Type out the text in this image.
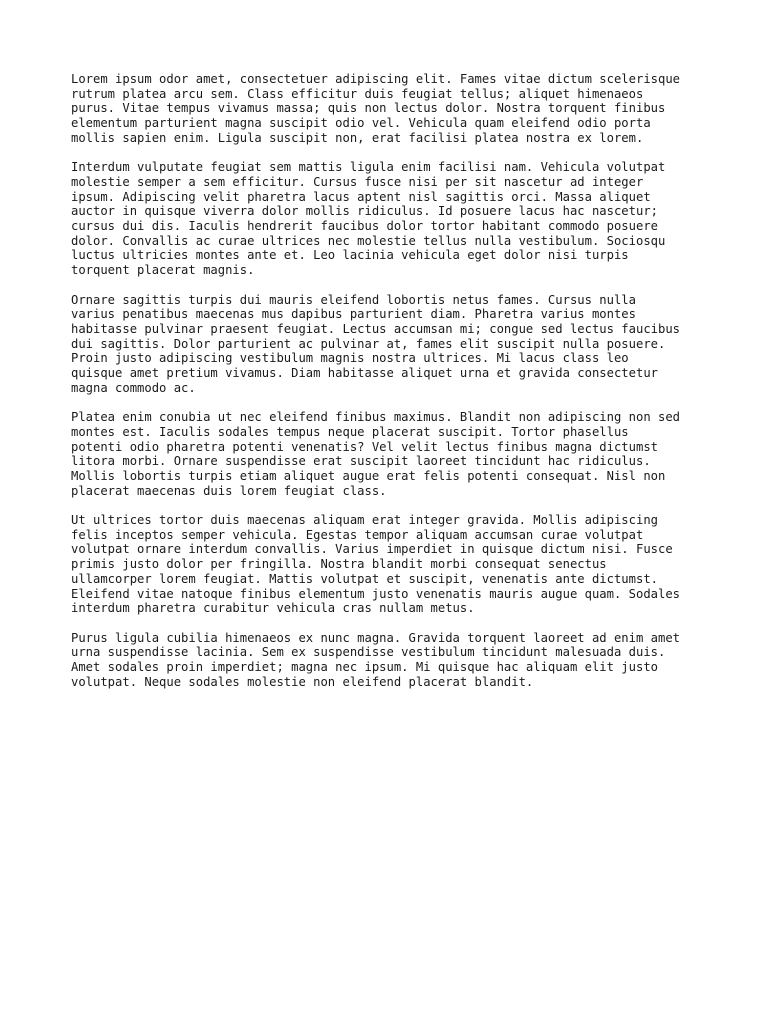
Lorem ipsum odor amet, consectetuer adipiscing elit. Fames vitae dictum scelerisque
rutrum platea arcu sem. Class efficitur duis feugiat tellus; aliquet himenaeos
purus. Vitae tempus vivamus massa; quis non lectus dolor. Nostra torquent finibus
elementum parturient magna suscipit odio vel. Vehicula quam eleifend odio porta
mollis sapien enim. Ligula suscipit non, erat facilisi platea nostra ex lorem.

Interdum vulputate feugiat sem mattis ligula enim facilisi nam. Vehicula volutpat
molestie semper a sem efficitur. Cursus fusce nisi per sit nascetur ad integer
ipsum. Adipiscing velit pharetra lacus aptent nisl sagittis orci. Massa aliquet
auctor in quisque viverra dolor mollis ridiculus. Id posuere lacus hac nascetur;
cursus dui dis. Iaculis hendrerit faucibus dolor tortor habitant commodo posuere
dolor. Convallis ac curae ultrices nec molestie tellus nulla vestibulum. Sociosqu
luctus ultricies montes ante et. Leo lacinia vehicula eget dolor nisi turpis
torquent placerat magnis.

Ornare sagittis turpis dui mauris eleifend lobortis netus fames. Cursus nulla
varius penatibus maecenas mus dapibus parturient diam. Pharetra varius montes
habitasse pulvinar praesent feugiat. Lectus accumsan mi; congue sed lectus faucibus
dui sagittis. Dolor parturient ac pulvinar at, fames elit suscipit nulla posuere.
Proin justo adipiscing vestibulum magnis nostra ultrices. Mi lacus class leo
quisque amet pretium vivamus. Diam habitasse aliquet urna et gravida consectetur
magna commodo ac.

Platea enim conubia ut nec eleifend finibus maximus. Blandit non adipiscing non sed
montes est. Iaculis sodales tempus neque placerat suscipit. Tortor phasellus
potenti odio pharetra potenti venenatis? Vel velit lectus finibus magna dictumst
litora morbi. Ornare suspendisse erat suscipit laoreet tincidunt hac ridiculus.
Mollis lobortis turpis etiam aliquet augue erat felis potenti consequat. Nisl non
placerat maecenas duis lorem feugiat class.

Ut ultrices tortor duis maecenas aliquam erat integer gravida. Mollis adipiscing
felis inceptos semper vehicula. Egestas tempor aliquam accumsan curae volutpat
volutpat ornare interdum convallis. Varius imperdiet in quisque dictum nisi. Fusce
primis justo dolor per fringilla. Nostra blandit morbi consequat senectus
ullamcorper lorem feugiat. Mattis volutpat et suscipit, venenatis ante dictumst.
Eleifend vitae natoque finibus elementum justo venenatis mauris augue quam. Sodales
interdum pharetra curabitur vehicula cras nullam metus.

Purus ligula cubilia himenaeos ex nunc magna. Gravida torquent laoreet ad enim amet
urna suspendisse lacinia. Sem ex suspendisse vestibulum tincidunt malesuada duis.
Amet sodales proin imperdiet; magna nec ipsum. Mi quisque hac aliquam elit justo
volutpat. Neque sodales molestie non eleifend placerat blandit.
